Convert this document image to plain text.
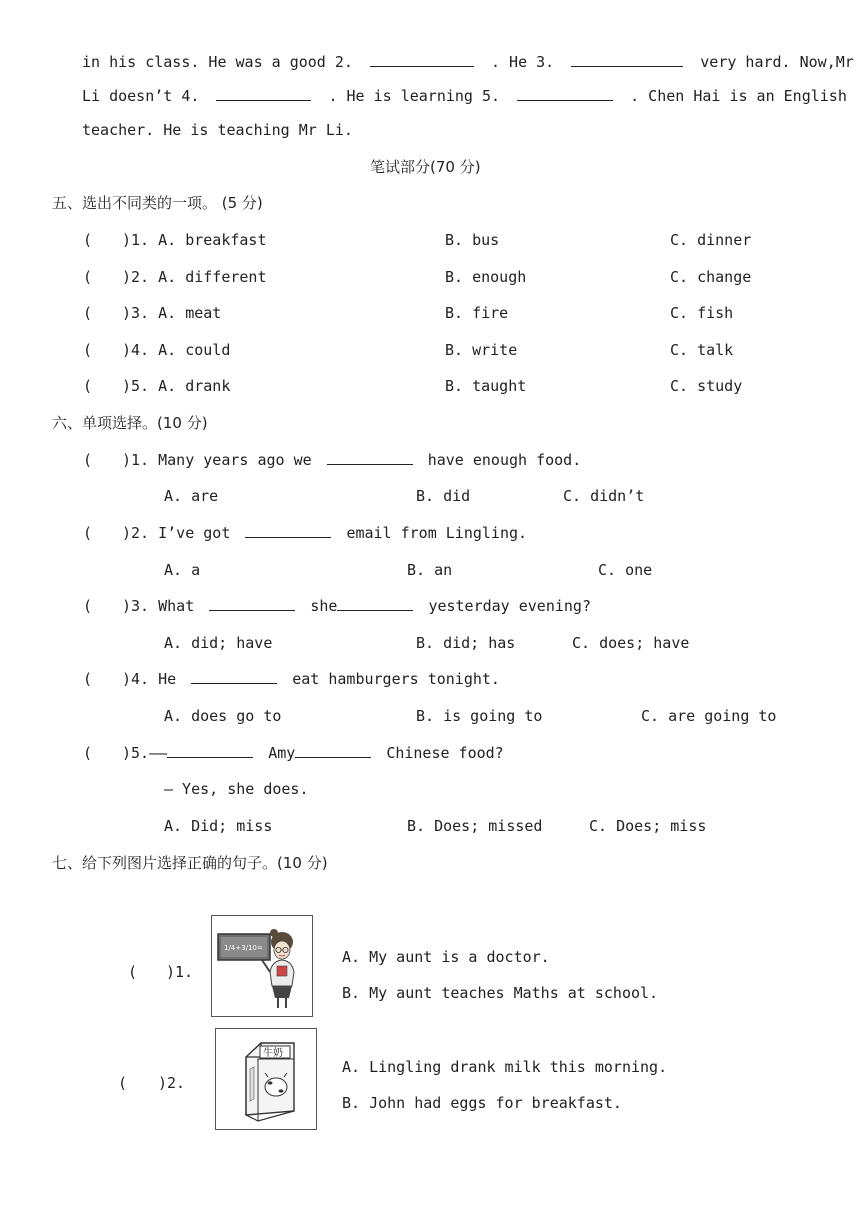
in his class. He was a good 2.	. He 3.	very hard. Now,Mr
Li doesn’t 4.	. He is learning 5.	. Chen Hai is an English
teacher. He is teaching Mr Li.
笔试部分(70 分)
五、选出不同类的一项。 (5 分)
( )1. A. breakfast	B. bus	C. dinner
( )2. A. different	B. enough	C. change
( )3. A. meat	B. fire	C. fish
( )4. A. could	B. write	C. talk
( )5. A. drank	B. taught	C. study
六、单项选择。(10 分)
( )1. Many years ago we	have enough food.
A. are	B. did	C. didn’t
( )2. I’ve got	email from Lingling.
A. a	B. an	C. one
( )3. What	she	yesterday evening?
A. did; have	B. did; has	C. does; have
( )4. He	eat hamburgers tonight.
A. does go to	B. is going to	C. are going to
( )5.——	Amy	Chinese food?
— Yes, she does.
A. Did; miss	B. Does; missed	C. Does; miss
七、给下列图片选择正确的句子。(10 分)
( )1.
1/4+3/10=	A. My aunt is a doctor.
B. My aunt teaches Maths at school.
( )2.
牛奶
A. Lingling drank milk this morning.
B. John had eggs for breakfast.
